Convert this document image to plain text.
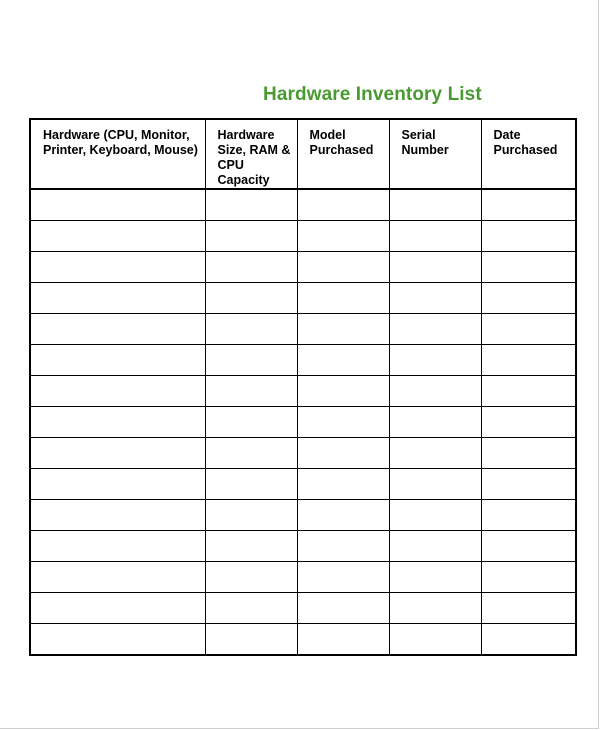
Hardware Inventory List
Hardware (CPU, Monitor, Printer, Keyboard, Mouse)	Hardware Size, RAM & CPU Capacity	Model Purchased	Serial Number	Date Purchased
